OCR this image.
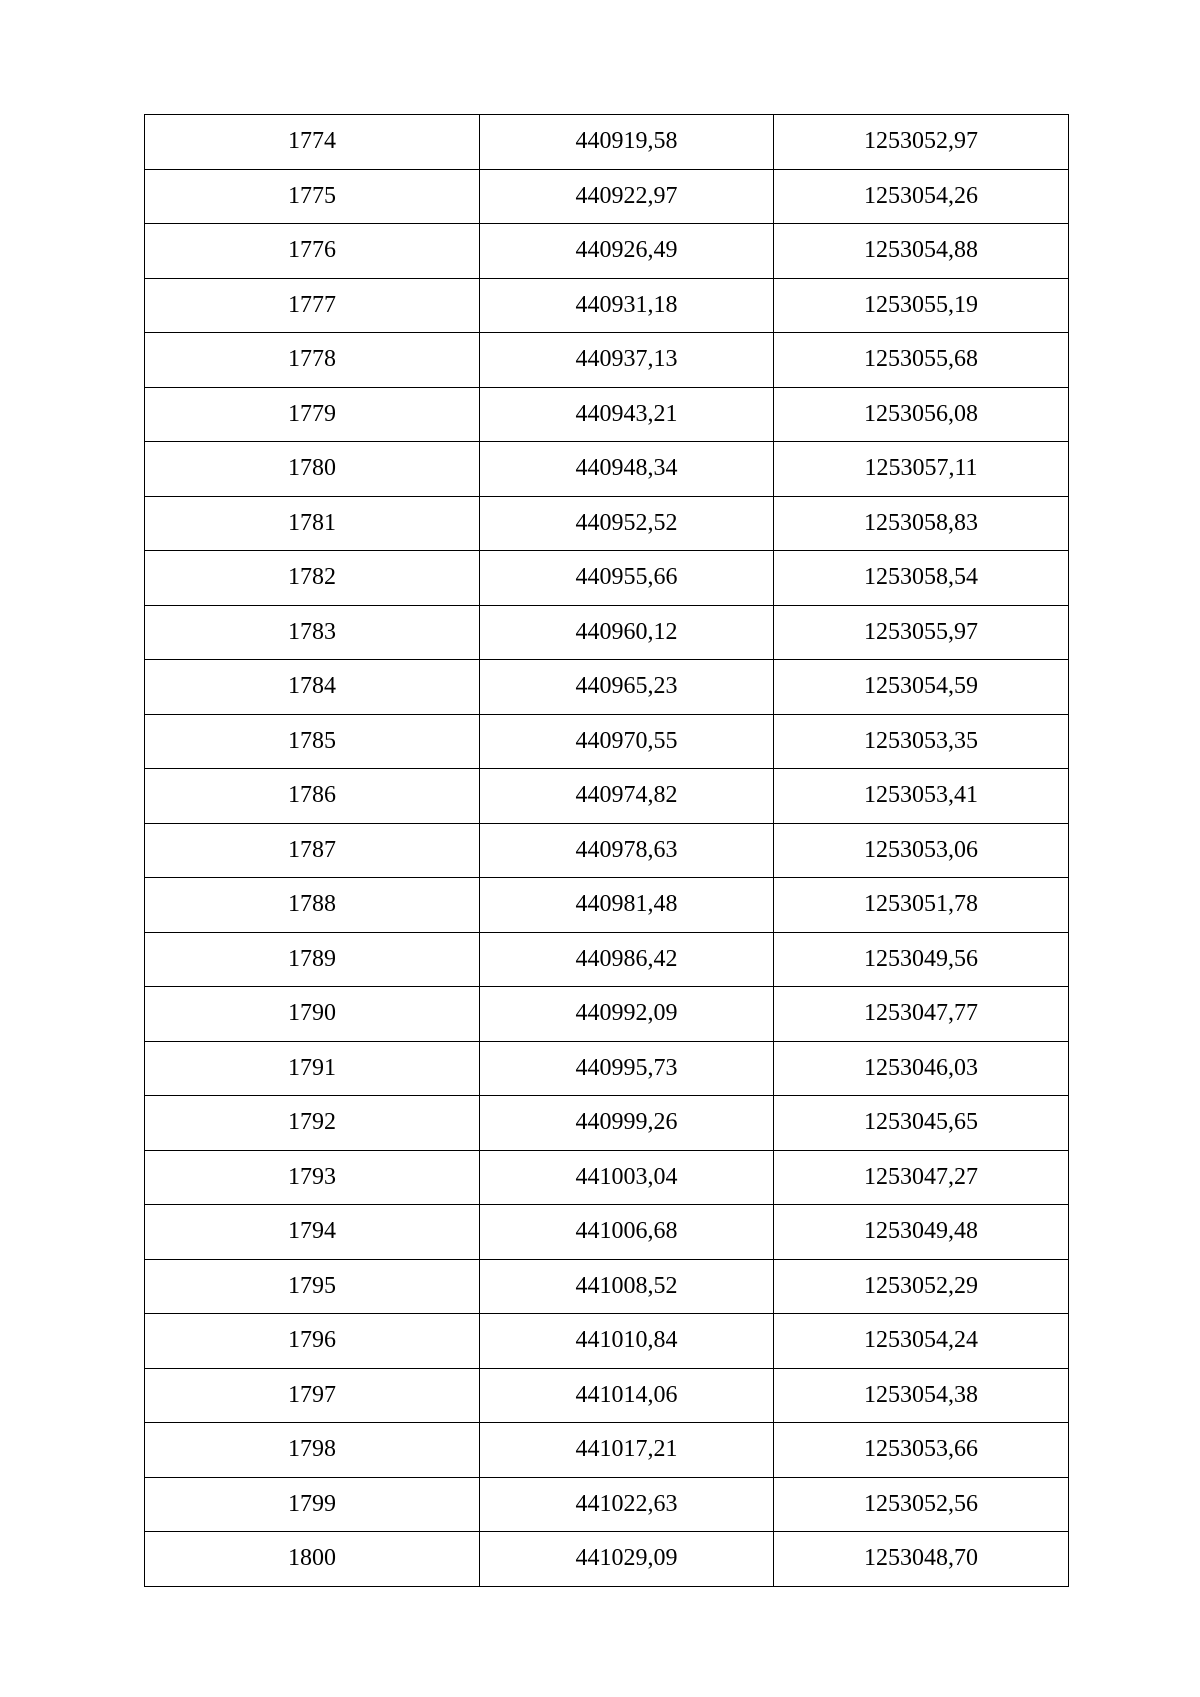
1774	440919,58	1253052,97
1775	440922,97	1253054,26
1776	440926,49	1253054,88
1777	440931,18	1253055,19
1778	440937,13	1253055,68
1779	440943,21	1253056,08
1780	440948,34	1253057,11
1781	440952,52	1253058,83
1782	440955,66	1253058,54
1783	440960,12	1253055,97
1784	440965,23	1253054,59
1785	440970,55	1253053,35
1786	440974,82	1253053,41
1787	440978,63	1253053,06
1788	440981,48	1253051,78
1789	440986,42	1253049,56
1790	440992,09	1253047,77
1791	440995,73	1253046,03
1792	440999,26	1253045,65
1793	441003,04	1253047,27
1794	441006,68	1253049,48
1795	441008,52	1253052,29
1796	441010,84	1253054,24
1797	441014,06	1253054,38
1798	441017,21	1253053,66
1799	441022,63	1253052,56
1800	441029,09	1253048,70
